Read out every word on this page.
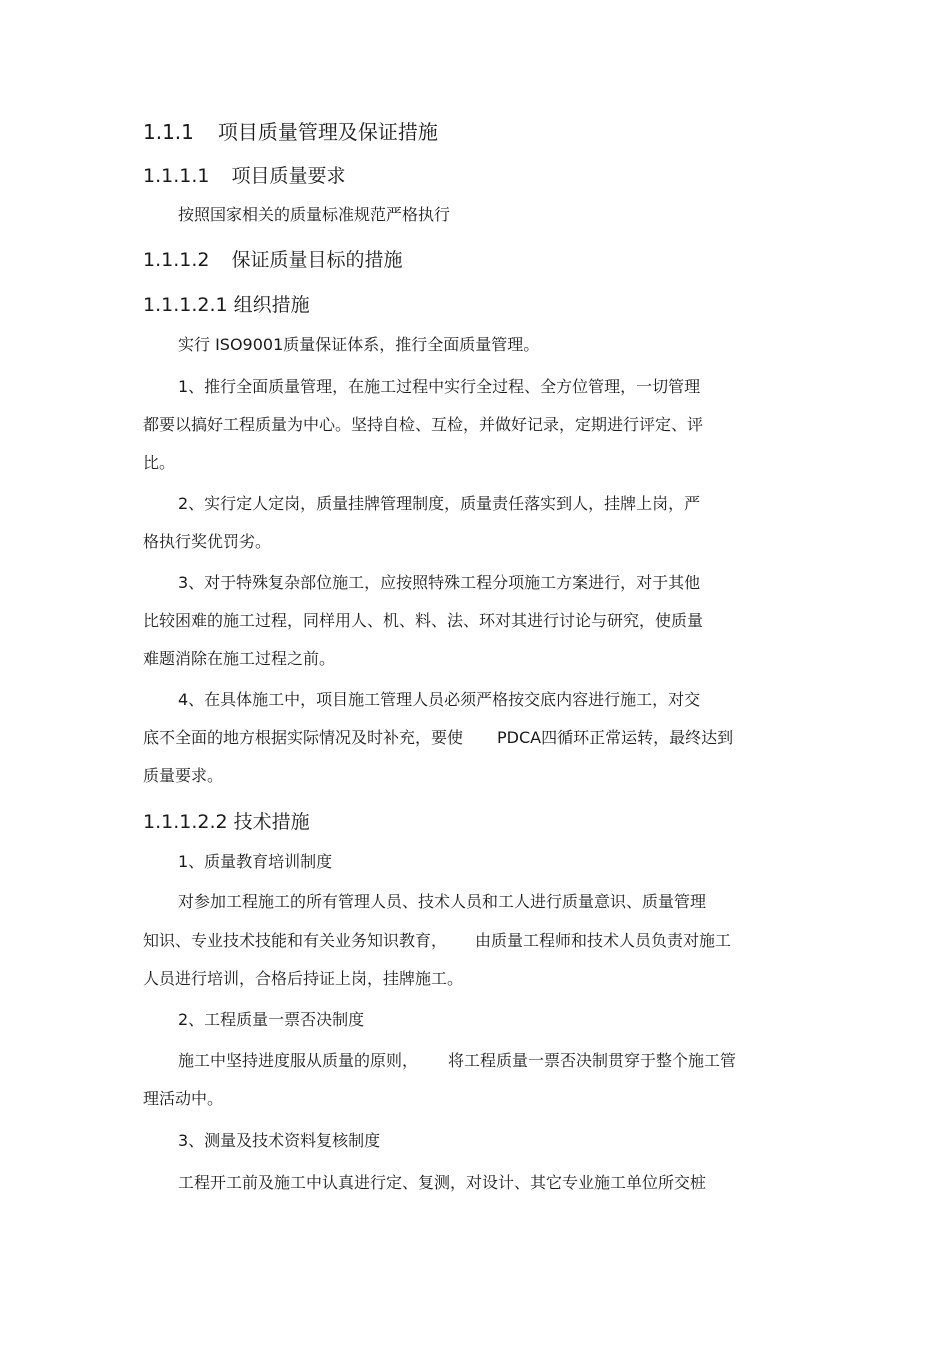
1.1.1 项目质量管理及保证措施
1.1.1.1 项目质量要求
按照国家相关的质量标准规范严格执行
1.1.1.2 保证质量目标的措施
1.1.1.2.1 组织措施
实行 ISO9001质量保证体系，推行全面质量管理。
1、推行全面质量管理，在施工过程中实行全过程、全方位管理，一切管理
都要以搞好工程质量为中心。坚持自检、互检，并做好记录，定期进行评定、评
比。
2、实行定人定岗，质量挂牌管理制度，质量责任落实到人，挂牌上岗，严
格执行奖优罚劣。
3、对于特殊复杂部位施工，应按照特殊工程分项施工方案进行，对于其他
比较困难的施工过程，同样用人、机、料、法、环对其进行讨论与研究，使质量
难题消除在施工过程之前。
4、在具体施工中，项目施工管理人员必须严格按交底内容进行施工，对交
底不全面的地方根据实际情况及时补充，要使 PDCA四循环正常运转，最终达到
质量要求。
1.1.1.2.2 技术措施
1、质量教育培训制度
对参加工程施工的所有管理人员、技术人员和工人进行质量意识、质量管理
知识、专业技术技能和有关业务知识教育， 由质量工程师和技术人员负责对施工
人员进行培训，合格后持证上岗，挂牌施工。
2、工程质量一票否决制度
施工中坚持进度服从质量的原则， 将工程质量一票否决制贯穿于整个施工管
理活动中。
3、测量及技术资料复核制度
工程开工前及施工中认真进行定、复测，对设计、其它专业施工单位所交桩
